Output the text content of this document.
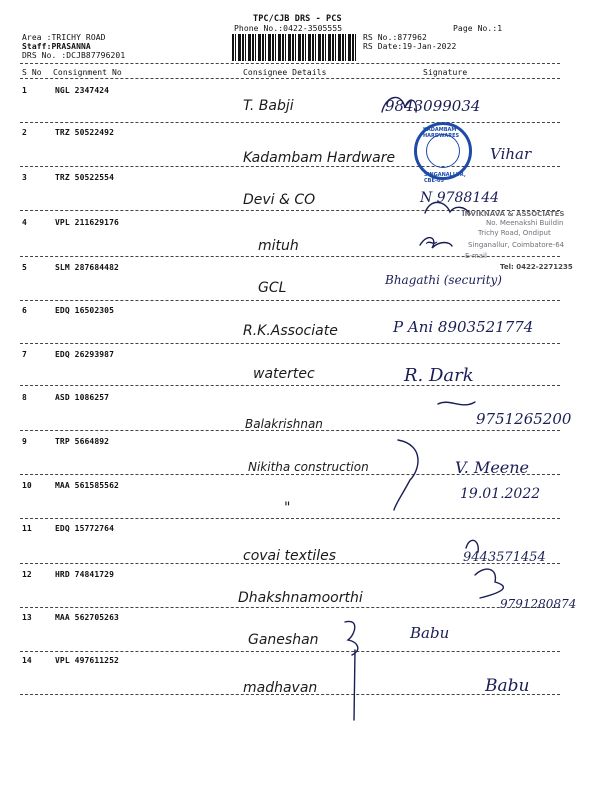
TPC/CJB DRS - PCS
Phone No.:0422-3505555	Page No.:1
Area :TRICHY ROAD
Staff:PRASANNA
DRS No. :DCJB87796201
RS No.:877962
RS Date:19-Jan-2022
S No Consignment No	Consignee Details	Signature
1	NGL 2347424
T. Babji	9843099034
2	TRZ 50522492
Kadambam Hardware	Vihar
3	TRZ 50522554
Devi & CO	N 9788144
4	VPL 211629176
mituh	~
5	SLM 287684482
GCL	Bhagathi (security)
6	EDQ 16502305
R.K.Associate	P Ani 8903521774
7	EDQ 26293987
watertec	R. Dark
8	ASD 1086257
Balakrishnan	9751265200
9	TRP 5664892
Nikitha construction	V. Meene
10	MAA 561585562
"
19.01.2022
11	EDQ 15772764
covai textiles	9443571454
12	HRD 74841729
Dhakshnamoorthi	9791280874
13	MAA 562705263
Ganeshan	Babu
14	VPL 497611252
madhavan	Babu
KADAMBAM HARDWARES
SINGANALLUR, CBE-05
INVIKNAVA & ASSOCIATES
No. Meenakshi Buildin
Trichy Road, Ondiput
Singanallur, Coimbatore-64
E-mail
Tel: 0422-2271235
